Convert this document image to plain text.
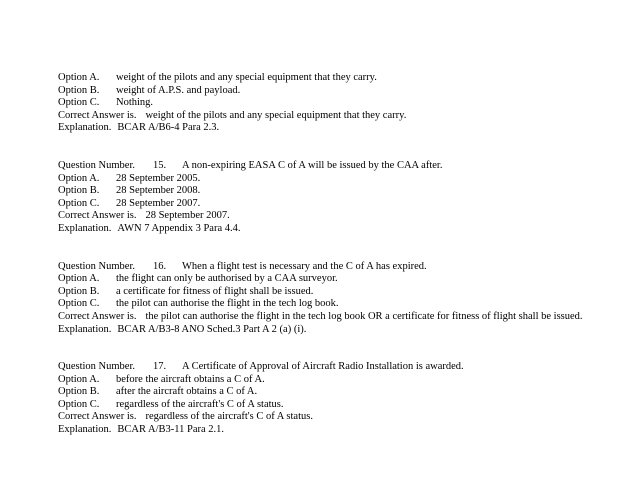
Option A. weight of the pilots and any special equipment that they carry.
Option B. weight of A.P.S. and payload.
Option C. Nothing.
Correct Answer is. weight of the pilots and any special equipment that they carry.
Explanation. BCAR A/B6-4 Para 2.3.
Question Number. 15. A non-expiring EASA C of A will be issued by the CAA after.
Option A. 28 September 2005.
Option B. 28 September 2008.
Option C. 28 September 2007.
Correct Answer is. 28 September 2007.
Explanation. AWN 7 Appendix 3 Para 4.4.
Question Number. 16. When a flight test is necessary and the C of A has expired.
Option A. the flight can only be authorised by a CAA surveyor.
Option B. a certificate for fitness of flight shall be issued.
Option C. the pilot can authorise the flight in the tech log book.
Correct Answer is. the pilot can authorise the flight in the tech log book OR a certificate for fitness of flight shall be issued.
Explanation. BCAR A/B3-8 ANO Sched.3 Part A 2 (a) (i).
Question Number. 17. A Certificate of Approval of Aircraft Radio Installation is awarded.
Option A. before the aircraft obtains a C of A.
Option B. after the aircraft obtains a C of A.
Option C. regardless of the aircraft's C of A status.
Correct Answer is. regardless of the aircraft's C of A status.
Explanation. BCAR A/B3-11 Para 2.1.
